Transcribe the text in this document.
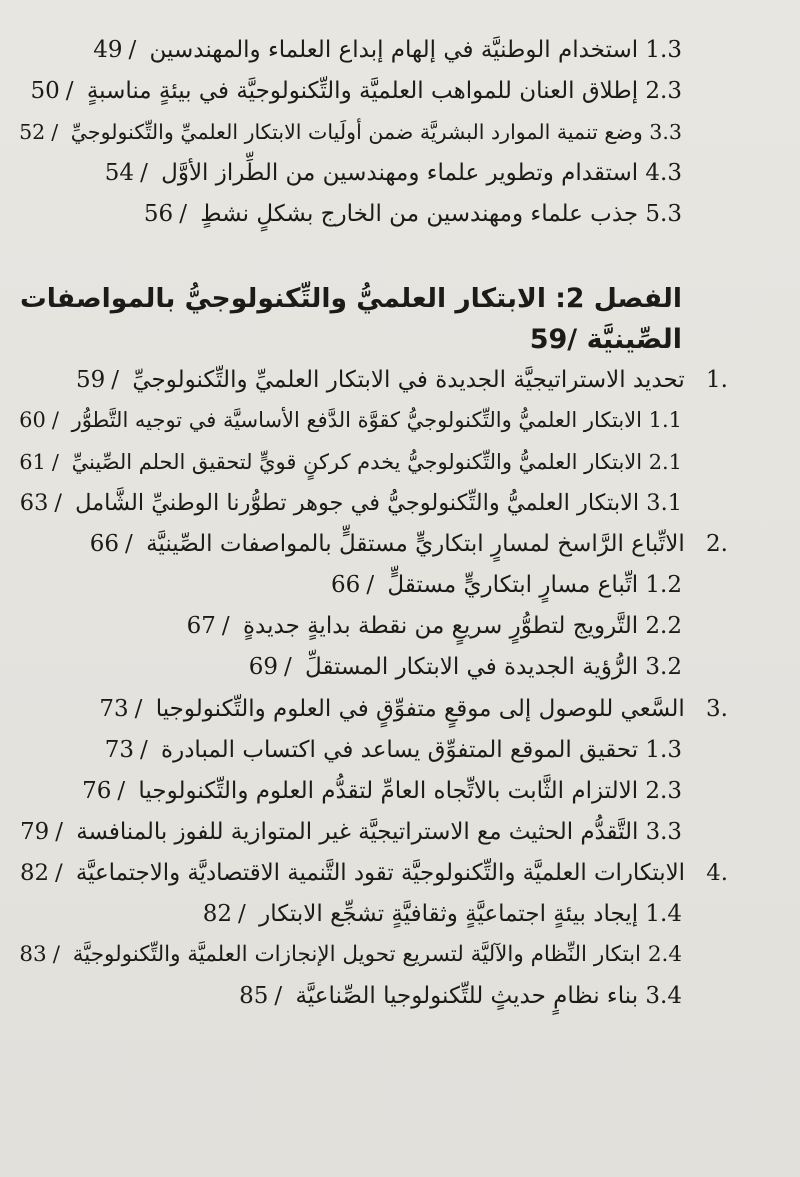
1.3 استخدام الوطنيَّة في إلهام إبداع العلماء والمهندسين /49
2.3 إطلاق العنان للمواهب العلميَّة والتِّكنولوجيَّة في بيئةٍ مناسبةٍ /50
3.3 وضع تنمية الموارد البشريَّة ضمن أولَيات الابتكار العلميِّ والتِّكنولوجيِّ /52
4.3 استقدام وتطوير علماء ومهندسين من الطِّراز الأوَّل /54
5.3 جذب علماء ومهندسين من الخارج بشكلٍ نشطٍ /56
الفصل 2: الابتكار العلميُّ والتِّكنولوجيُّ بالمواصفات
الصِّينيَّة /59
1. تحديد الاستراتيجيَّة الجديدة في الابتكار العلميِّ والتِّكنولوجيِّ /59
1.1 الابتكار العلميُّ والتِّكنولوجيُّ كقوَّة الدَّفع الأساسيَّة في توجيه التَّطوُّر /60
2.1 الابتكار العلميُّ والتِّكنولوجيُّ يخدم كركنٍ قويٍّ لتحقيق الحلم الصِّينيِّ /61
3.1 الابتكار العلميُّ والتِّكنولوجيُّ في جوهر تطوُّرنا الوطنيِّ الشَّامل /63
2. الاتِّباع الرَّاسخ لمسارٍ ابتكاريٍّ مستقلٍّ بالمواصفات الصِّينيَّة /66
1.2 اتِّباع مسارٍ ابتكاريٍّ مستقلٍّ /66
2.2 التَّرويج لتطوُّرٍ سريعٍ من نقطة بدايةٍ جديدةٍ /67
3.2 الرُّؤية الجديدة في الابتكار المستقلِّ /69
3. السَّعي للوصول إلى موقعٍ متفوِّقٍ في العلوم والتِّكنولوجيا /73
1.3 تحقيق الموقع المتفوِّق يساعد في اكتساب المبادرة /73
2.3 الالتزام الثَّابت بالاتِّجاه العامِّ لتقدُّم العلوم والتِّكنولوجيا /76
3.3 التَّقدُّم الحثيث مع الاستراتيجيَّة غير المتوازية للفوز بالمنافسة /79
4. الابتكارات العلميَّة والتِّكنولوجيَّة تقود التَّنمية الاقتصاديَّة والاجتماعيَّة /82
1.4 إيجاد بيئةٍ اجتماعيَّةٍ وثقافيَّةٍ تشجِّع الابتكار /82
2.4 ابتكار النِّظام والآليَّة لتسريع تحويل الإنجازات العلميَّة والتِّكنولوجيَّة /83
3.4 بناء نظامٍ حديثٍ للتِّكنولوجيا الصِّناعيَّة /85
